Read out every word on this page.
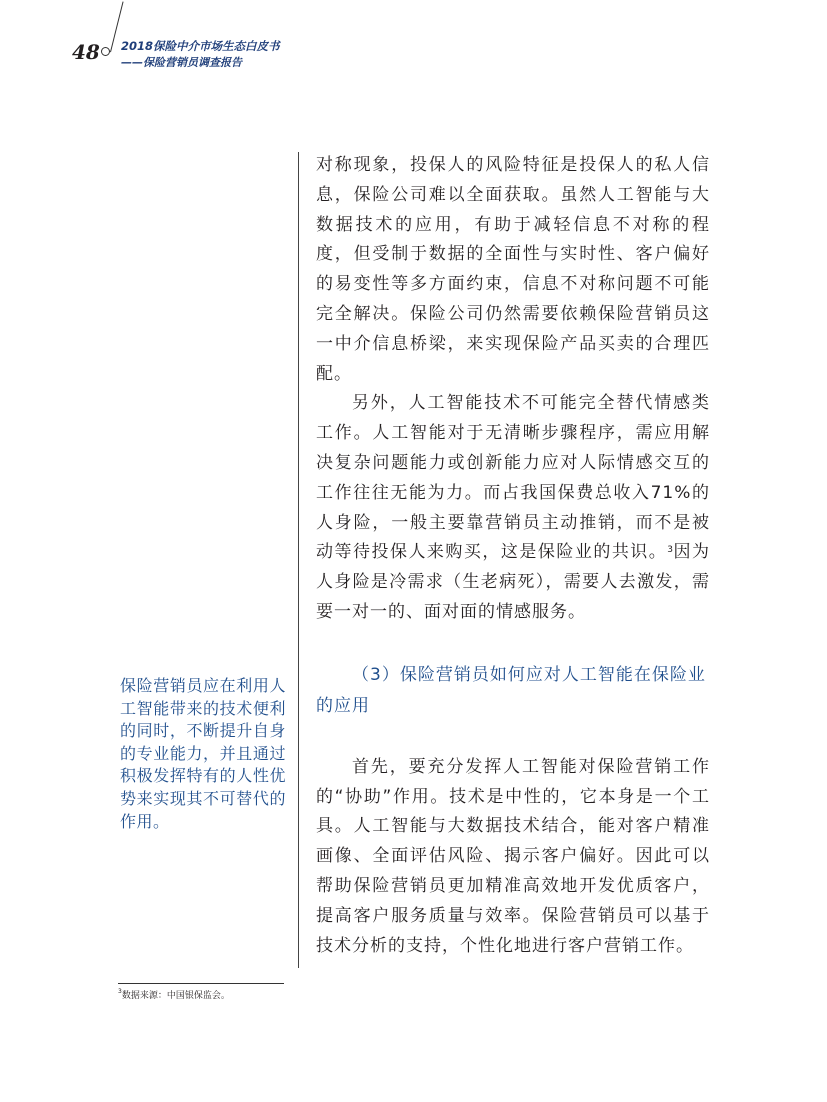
48 2018保险中介市场生态白皮书
——保险营销员调查报告

对称现象，投保人的风险特征是投保人的私人信息，保险公司难以全面获取。虽然人工智能与大数据技术的应用，有助于减轻信息不对称的程度，但受制于数据的全面性与实时性、客户偏好的易变性等多方面约束，信息不对称问题不可能完全解决。保险公司仍然需要依赖保险营销员这一中介信息桥梁，来实现保险产品买卖的合理匹配。

另外，人工智能技术不可能完全替代情感类工作。人工智能对于无清晰步骤程序，需应用解决复杂问题能力或创新能力应对人际情感交互的工作往往无能为力。而占我国保费总收入71%的人身险，一般主要靠营销员主动推销，而不是被动等待投保人来购买，这是保险业的共识。$^3$因为人身险是冷需求（生老病死），需要人去激发，需要一对一的、面对面的情感服务。

（3）保险营销员如何应对人工智能在保险业的应用

首先，要充分发挥人工智能对保险营销工作的“协助”作用。技术是中性的，它本身是一个工具。人工智能与大数据技术结合，能对客户精准画像、全面评估风险、揭示客户偏好。因此可以帮助保险营销员更加精准高效地开发优质客户，提高客户服务质量与效率。保险营销员可以基于技术分析的支持，个性化地进行客户营销工作。

保险营销员应在利用人工智能带来的技术便利的同时，不断提升自身的专业能力，并且通过积极发挥特有的人性优势来实现其不可替代的作用。
$^3$数据来源：中国银保监会。
